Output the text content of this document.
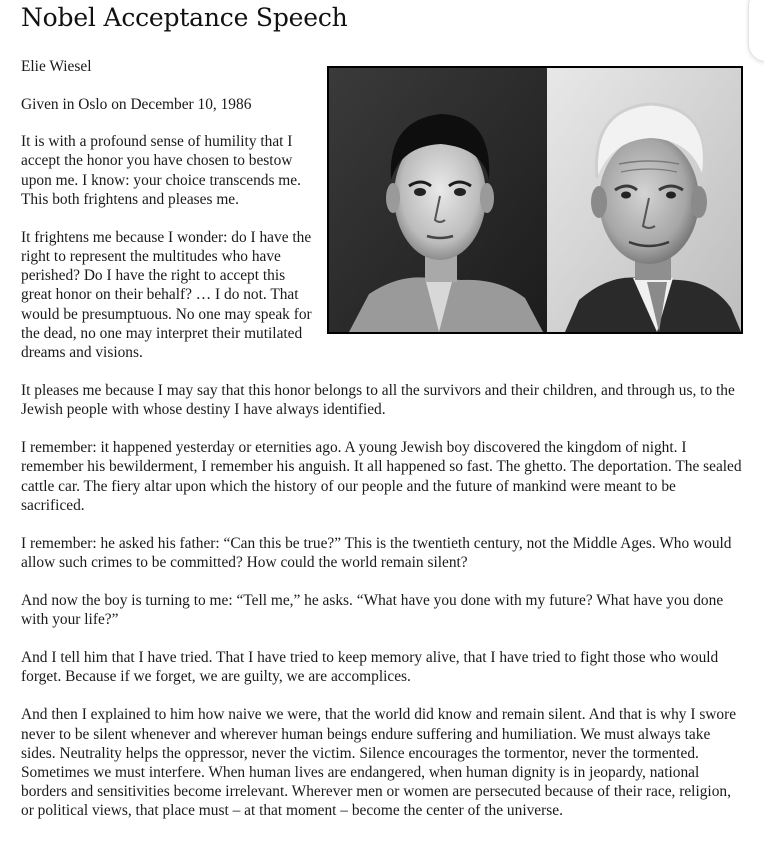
Nobel Acceptance Speech

Elie Wiesel

Given in Oslo on December 10, 1986

It is with a profound sense of humility that I accept the honor you have chosen to bestow upon me. I know: your choice transcends me. This both frightens and pleases me.

It frightens me because I wonder: do I have the right to represent the multitudes who have perished? Do I have the right to accept this great honor on their behalf? … I do not. That would be presumptuous. No one may speak for the dead, no one may interpret their mutilated dreams and visions.

It pleases me because I may say that this honor belongs to all the survivors and their children, and through us, to the Jewish people with whose destiny I have always identified.

I remember: it happened yesterday or eternities ago. A young Jewish boy discovered the kingdom of night. I remember his bewilderment, I remember his anguish. It all happened so fast. The ghetto. The deportation. The sealed cattle car. The fiery altar upon which the history of our people and the future of mankind were meant to be sacrificed.

I remember: he asked his father: “Can this be true?” This is the twentieth century, not the Middle Ages. Who would allow such crimes to be committed? How could the world remain silent?

And now the boy is turning to me: “Tell me,” he asks. “What have you done with my future? What have you done with your life?”

And I tell him that I have tried. That I have tried to keep memory alive, that I have tried to fight those who would forget. Because if we forget, we are guilty, we are accomplices.

And then I explained to him how naive we were, that the world did know and remain silent. And that is why I swore never to be silent whenever and wherever human beings endure suffering and humiliation. We must always take sides. Neutrality helps the oppressor, never the victim. Silence encourages the tormentor, never the tormented. Sometimes we must interfere. When human lives are endangered, when human dignity is in jeopardy, national borders and sensitivities become irrelevant. Wherever men or women are persecuted because of their race, religion, or political views, that place must – at that moment – become the center of the universe.
